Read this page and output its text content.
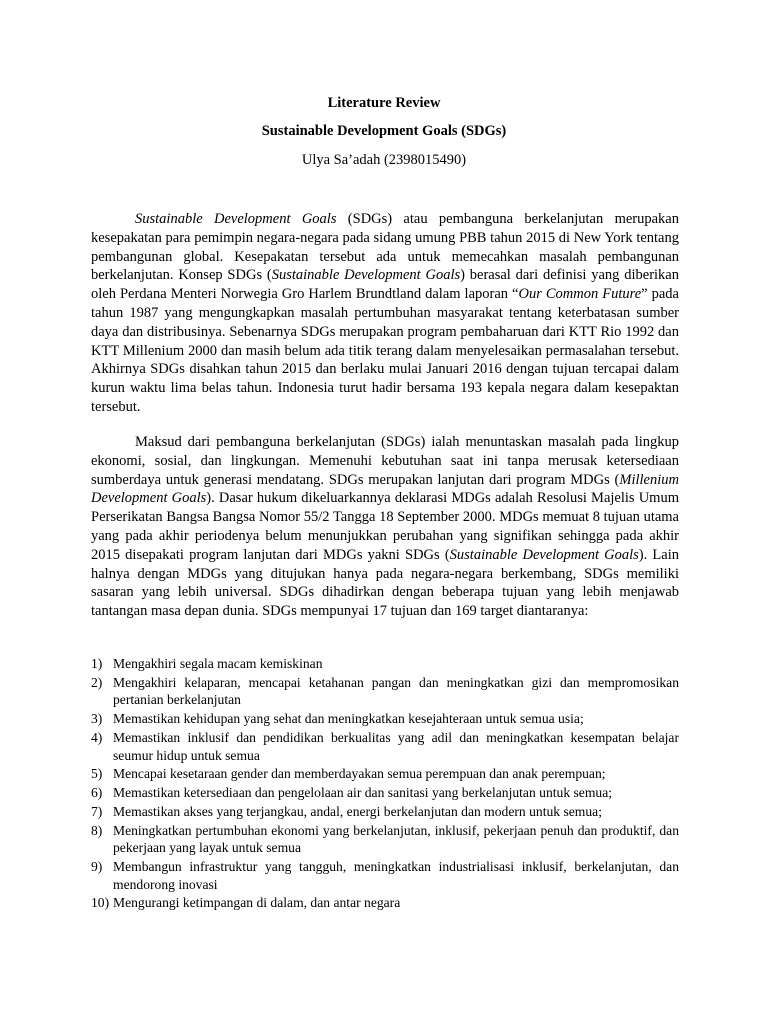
Literature Review
Sustainable Development Goals (SDGs)
Ulya Sa’adah (2398015490)

Sustainable Development Goals (SDGs) atau pembanguna berkelanjutan merupakan kesepakatan para pemimpin negara-negara pada sidang umung PBB tahun 2015 di New York tentang pembangunan global. Kesepakatan tersebut ada untuk memecahkan masalah pembangunan berkelanjutan. Konsep SDGs (Sustainable Development Goals) berasal dari definisi yang diberikan oleh Perdana Menteri Norwegia Gro Harlem Brundtland dalam laporan “Our Common Future” pada tahun 1987 yang mengungkapkan masalah pertumbuhan masyarakat tentang keterbatasan sumber daya dan distribusinya. Sebenarnya SDGs merupakan program pembaharuan dari KTT Rio 1992 dan KTT Millenium 2000 dan masih belum ada titik terang dalam menyelesaikan permasalahan tersebut. Akhirnya SDGs disahkan tahun 2015 dan berlaku mulai Januari 2016 dengan tujuan tercapai dalam kurun waktu lima belas tahun. Indonesia turut hadir bersama 193 kepala negara dalam kesepaktan tersebut.

Maksud dari pembanguna berkelanjutan (SDGs) ialah menuntaskan masalah pada lingkup ekonomi, sosial, dan lingkungan. Memenuhi kebutuhan saat ini tanpa merusak ketersediaan sumberdaya untuk generasi mendatang. SDGs merupakan lanjutan dari program MDGs (Millenium Development Goals). Dasar hukum dikeluarkannya deklarasi MDGs adalah Resolusi Majelis Umum Perserikatan Bangsa Bangsa Nomor 55/2 Tangga 18 September 2000. MDGs memuat 8 tujuan utama yang pada akhir periodenya belum menunjukkan perubahan yang signifikan sehingga pada akhir 2015 disepakati program lanjutan dari MDGs yakni SDGs (Sustainable Development Goals). Lain halnya dengan MDGs yang ditujukan hanya pada negara-negara berkembang, SDGs memiliki sasaran yang lebih universal. SDGs dihadirkan dengan beberapa tujuan yang lebih menjawab tantangan masa depan dunia. SDGs mempunyai 17 tujuan dan 169 target diantaranya:

1) Mengakhiri segala macam kemiskinan
2) Mengakhiri kelaparan, mencapai ketahanan pangan dan meningkatkan gizi dan mempromosikan pertanian berkelanjutan
3) Memastikan kehidupan yang sehat dan meningkatkan kesejahteraan untuk semua usia;
4) Memastikan inklusif dan pendidikan berkualitas yang adil dan meningkatkan kesempatan belajar seumur hidup untuk semua
5) Mencapai kesetaraan gender dan memberdayakan semua perempuan dan anak perempuan;
6) Memastikan ketersediaan dan pengelolaan air dan sanitasi yang berkelanjutan untuk semua;
7) Memastikan akses yang terjangkau, andal, energi berkelanjutan dan modern untuk semua;
8) Meningkatkan pertumbuhan ekonomi yang berkelanjutan, inklusif, pekerjaan penuh dan produktif, dan pekerjaan yang layak untuk semua
9) Membangun infrastruktur yang tangguh, meningkatkan industrialisasi inklusif, berkelanjutan, dan mendorong inovasi
10) Mengurangi ketimpangan di dalam, dan antar negara
